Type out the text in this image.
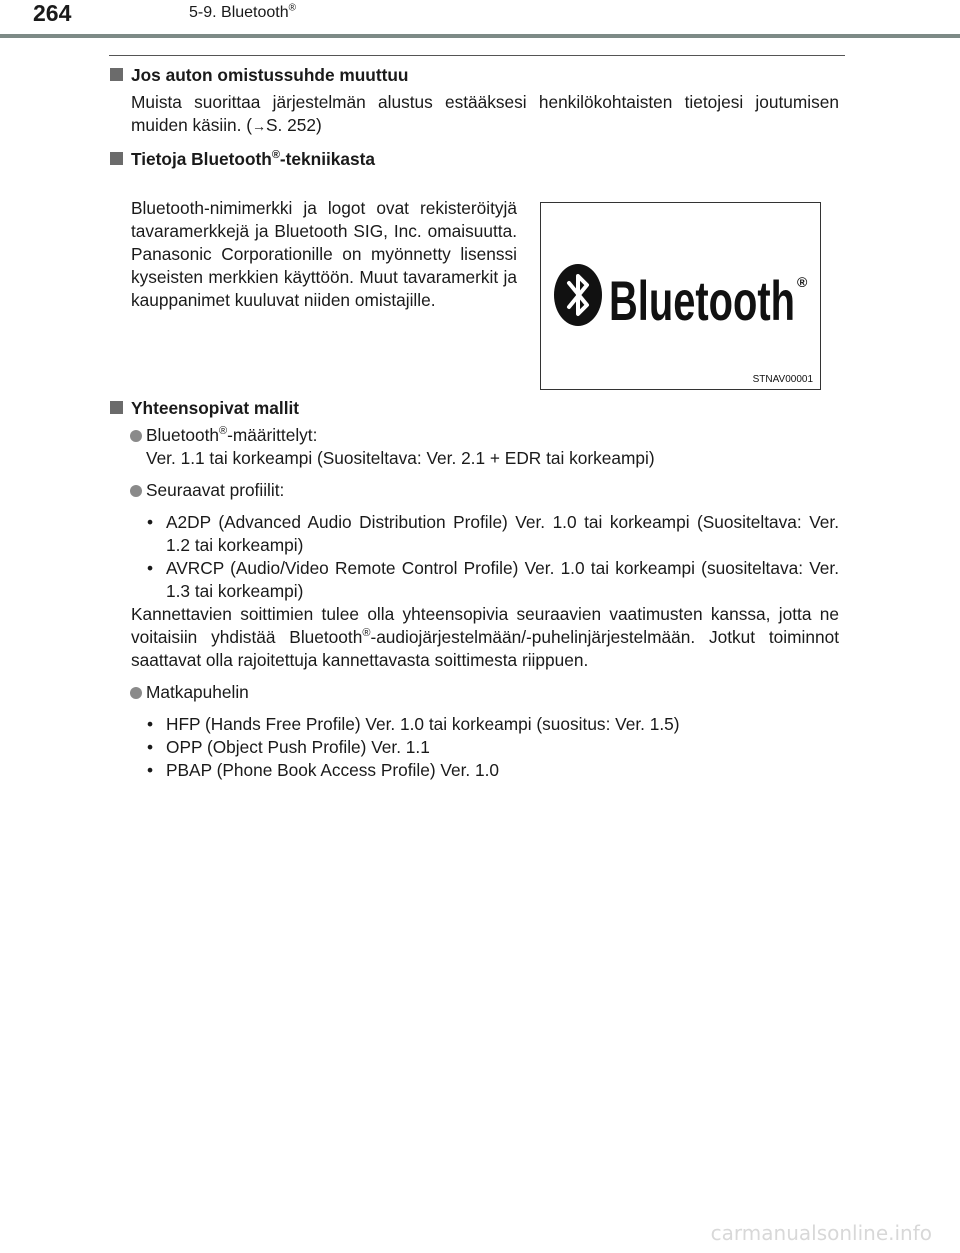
264	5-9. Bluetooth®

Jos auton omistussuhde muuttuu

Muista suorittaa järjestelmän alustus estääksesi henkilökohtaisten tietojesi joutumisen muiden käsiin. (→S. 252)

Tietoja Bluetooth®-tekniikasta

Bluetooth-nimimerkki ja logot ovat rekisteröityjä tavaramerkkejä ja Bluetooth SIG, Inc. omaisuutta. Panasonic Corporationille on myönnetty lisenssi kyseisten merkkien käyttöön. Muut tavaramerkit ja kauppanimet kuuluvat niiden omistajille.	Bluetooth ®
STNAV00001

Yhteensopivat mallit

Bluetooth®-määrittelyt:
Ver. 1.1 tai korkeampi (Suositeltava: Ver. 2.1 + EDR tai korkeampi)
Seuraavat profiilit:
• A2DP (Advanced Audio Distribution Profile) Ver. 1.0 tai korkeampi (Suositeltava: Ver. 1.2 tai korkeampi)
• AVRCP (Audio/Video Remote Control Profile) Ver. 1.0 tai korkeampi (suositeltava: Ver. 1.3 tai korkeampi)

Kannettavien soittimien tulee olla yhteensopivia seuraavien vaatimusten kanssa, jotta ne voitaisiin yhdistää Bluetooth®-audiojärjestelmään/-puhelinjärjestelmään. Jotkut toiminnot saattavat olla rajoitettuja kannettavasta soittimesta riippuen.

Matkapuhelin
• HFP (Hands Free Profile) Ver. 1.0 tai korkeampi (suositus: Ver. 1.5)
• OPP (Object Push Profile) Ver. 1.1
• PBAP (Phone Book Access Profile) Ver. 1.0
carmanualsonline.info
